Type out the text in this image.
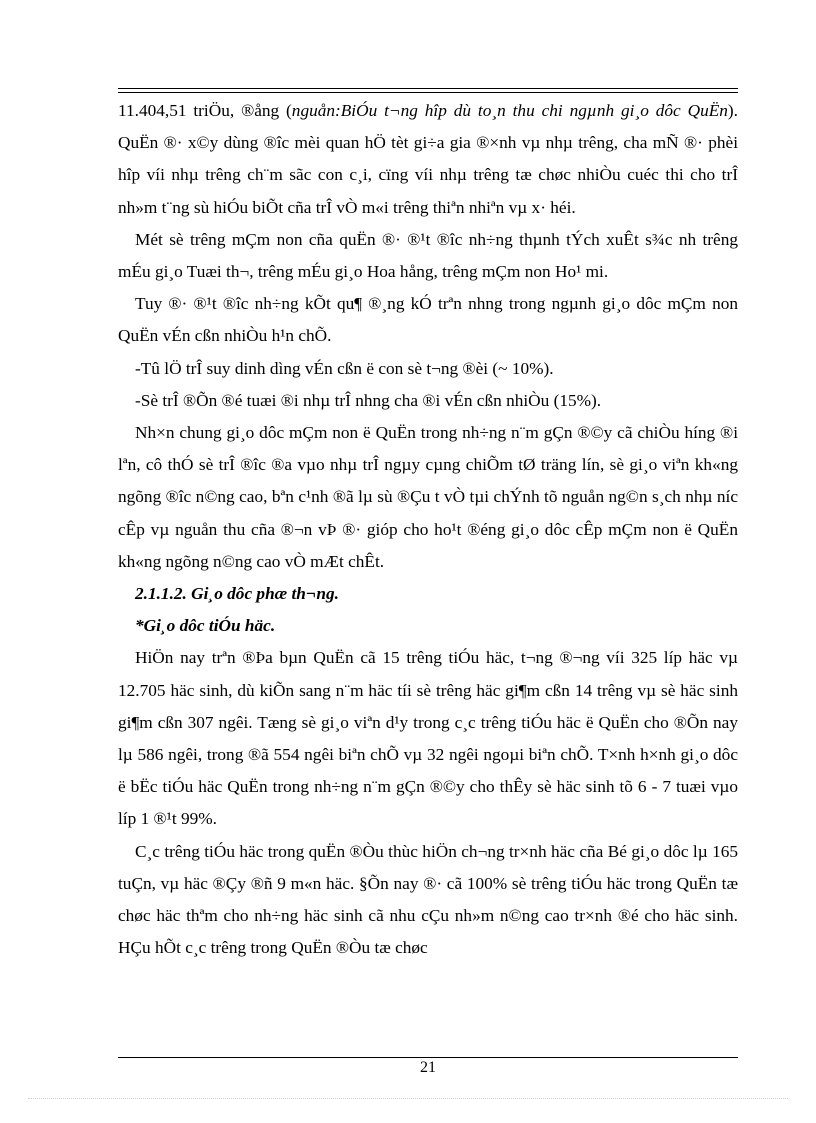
11.404,51 triÖu, ®ång (nguån:BiÓu t¬ng hîp dù to¸n thu chi ngµnh gi¸o dôc QuËn). QuËn ®· x©y dùng ®îc mèi quan hÖ tèt gi÷a gia ®×nh vµ nhµ trêng, cha mÑ ®· phèi hîp víi nhµ trêng ch¨m sãc con c¸i, cïng víi nhµ trêng tæ chøc nhiÒu cuéc thi cho trÎ nh»m t¨ng sù hiÓu biÕt cña trÎ vÒ m«i trêng thiªn nhiªn vµ x· héi.

Mét sè trêng mÇm non cña quËn ®· ®¹t ®îc nh÷ng thµnh tÝch xuÊt s¾c nh trêng mÉu gi¸o Tuæi th¬, trêng mÉu gi¸o Hoa hång, trêng mÇm non Ho¹ mi.

Tuy ®· ®¹t ®îc nh÷ng kÕt qu¶ ®¸ng kÓ trªn nhng trong ngµnh gi¸o dôc mÇm non QuËn vÉn cßn nhiÒu h¹n chÕ.

-Tû lÖ trÎ suy dinh dìng vÉn cßn ë con sè t¬ng ®èi (~ 10%).

-Sè trÎ ®Õn ®é tuæi ®i nhµ trÎ nhng cha ®i vÉn cßn nhiÒu (15%).

Nh×n chung gi¸o dôc mÇm non ë QuËn trong nh÷ng n¨m gÇn ®©y cã chiÒu híng ®i lªn, cô thÓ sè trÎ ®îc ®a vµo nhµ trÎ ngµy cµng chiÕm tØ träng lín, sè gi¸o viªn kh«ng ngõng ®îc n©ng cao, bªn c¹nh ®ã lµ sù ®Çu t vÒ tµi chÝnh tõ nguån ng©n s¸ch nhµ níc cÊp vµ nguån thu cña ®¬n vÞ ®· gióp cho ho¹t ®éng gi¸o dôc cÊp mÇm non ë QuËn kh«ng ngõng n©ng cao vÒ mÆt chÊt.

2.1.1.2. Gi¸o dôc phæ th¬ng.

*Gi¸o dôc tiÓu häc.

HiÖn nay trªn ®Þa bµn QuËn cã 15 trêng tiÓu häc, t¬ng ®¬ng víi 325 líp häc vµ 12.705 häc sinh, dù kiÕn sang n¨m häc tíi sè trêng häc gi¶m cßn 14 trêng vµ sè häc sinh gi¶m cßn 307 ngêi. Tæng sè gi¸o viªn d¹y trong c¸c trêng tiÓu häc ë QuËn cho ®Õn nay lµ 586 ngêi, trong ®ã 554 ngêi biªn chÕ vµ 32 ngêi ngoµi biªn chÕ. T×nh h×nh gi¸o dôc ë bËc tiÓu häc QuËn trong nh÷ng n¨m gÇn ®©y cho thÊy sè häc sinh tõ 6 - 7 tuæi vµo líp 1 ®¹t 99%.

C¸c trêng tiÓu häc trong quËn ®Òu thùc hiÖn ch¬ng tr×nh häc cña Bé gi¸o dôc lµ 165 tuÇn, vµ häc ®Çy ®ñ 9 m«n häc. §Õn nay ®· cã 100% sè trêng tiÓu häc trong QuËn tæ chøc häc thªm cho nh÷ng häc sinh cã nhu cÇu nh»m n©ng cao tr×nh ®é cho häc sinh. HÇu hÕt c¸c trêng trong QuËn ®Òu tæ chøc

21
